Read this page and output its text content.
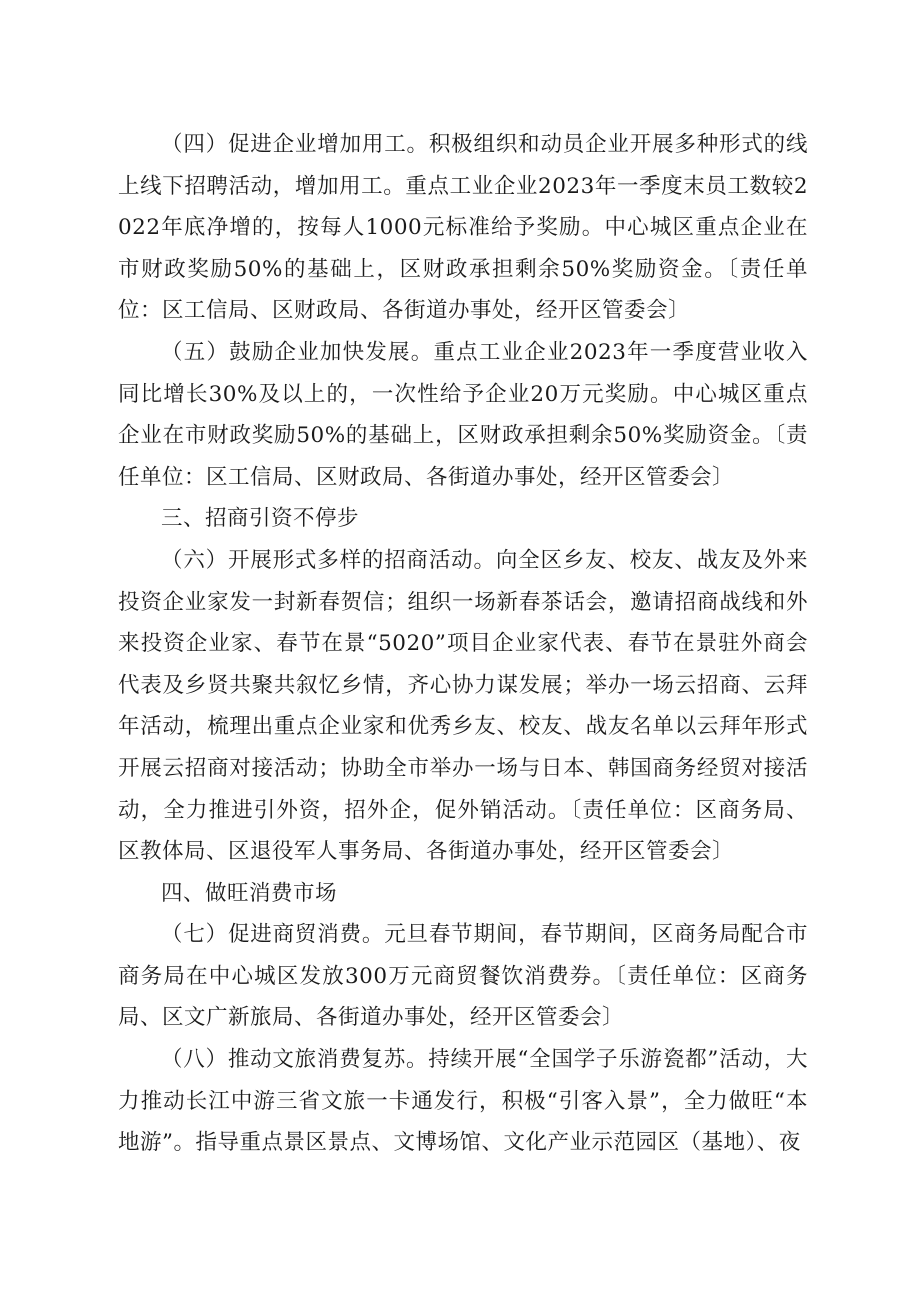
（四）促进企业增加用工。积极组织和动员企业开展多种形式的线上线下招聘活动，增加用工。重点工业企业2023年一季度末员工数较2022年底净增的，按每人1000元标准给予奖励。中心城区重点企业在市财政奖励50%的基础上，区财政承担剩余50%奖励资金。〔责任单位：区工信局、区财政局、各街道办事处，经开区管委会〕

（五）鼓励企业加快发展。重点工业企业2023年一季度营业收入同比增长30%及以上的，一次性给予企业20万元奖励。中心城区重点企业在市财政奖励50%的基础上，区财政承担剩余50%奖励资金。〔责任单位：区工信局、区财政局、各街道办事处，经开区管委会〕

三、招商引资不停步

（六）开展形式多样的招商活动。向全区乡友、校友、战友及外来投资企业家发一封新春贺信；组织一场新春茶话会，邀请招商战线和外来投资企业家、春节在景“5020”项目企业家代表、春节在景驻外商会代表及乡贤共聚共叙忆乡情，齐心协力谋发展；举办一场云招商、云拜年活动，梳理出重点企业家和优秀乡友、校友、战友名单以云拜年形式开展云招商对接活动；协助全市举办一场与日本、韩国商务经贸对接活动，全力推进引外资，招外企，促外销活动。〔责任单位：区商务局、区教体局、区退役军人事务局、各街道办事处，经开区管委会〕

四、做旺消费市场

（七）促进商贸消费。元旦春节期间，春节期间，区商务局配合市商务局在中心城区发放300万元商贸餐饮消费券。〔责任单位：区商务局、区文广新旅局、各街道办事处，经开区管委会〕

（八）推动文旅消费复苏。持续开展“全国学子乐游瓷都”活动，大力推动长江中游三省文旅一卡通发行，积极“引客入景”，全力做旺“本地游”。指导重点景区景点、文博场馆、文化产业示范园区（基地）、夜
